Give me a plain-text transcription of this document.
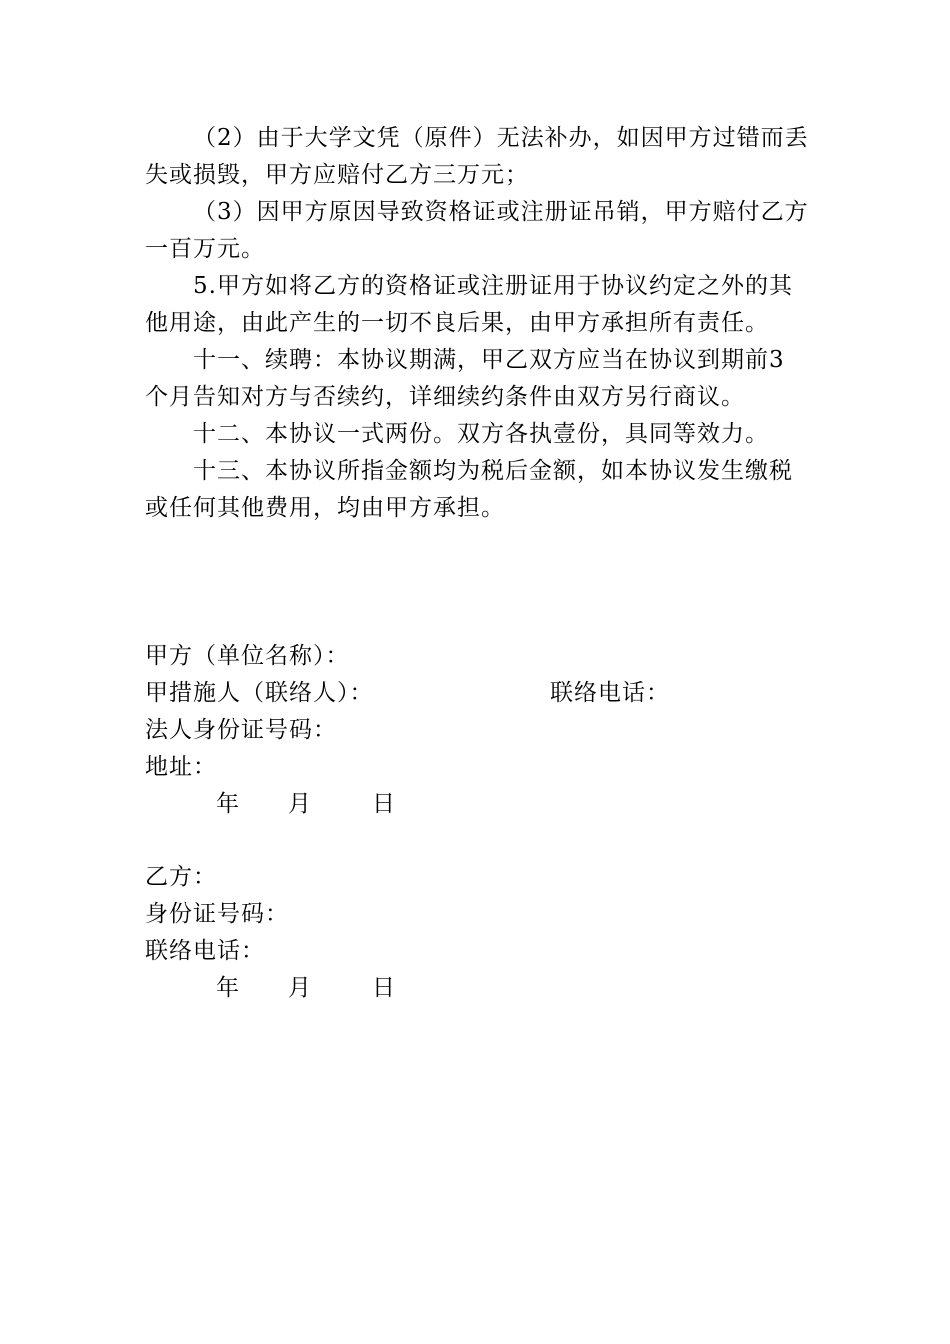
（2）由于大学文凭（原件）无法补办，如因甲方过错而丢
失或损毁，甲方应赔付乙方三万元；
（3）因甲方原因导致资格证或注册证吊销，甲方赔付乙方
一百万元。
5.甲方如将乙方的资格证或注册证用于协议约定之外的其
他用途，由此产生的一切不良后果，由甲方承担所有责任。
十一、续聘：本协议期满，甲乙双方应当在协议到期前3
个月告知对方与否续约，详细续约条件由双方另行商议。
十二、本协议一式两份。双方各执壹份，具同等效力。
十三、本协议所指金额均为税后金额，如本协议发生缴税
或任何其他费用，均由甲方承担。
甲方（单位名称）：
甲措施人（联络人）：	联络电话：
法人身份证号码：
地址：
年 月	日
乙方：
身份证号码：
联络电话：
年 月	日
